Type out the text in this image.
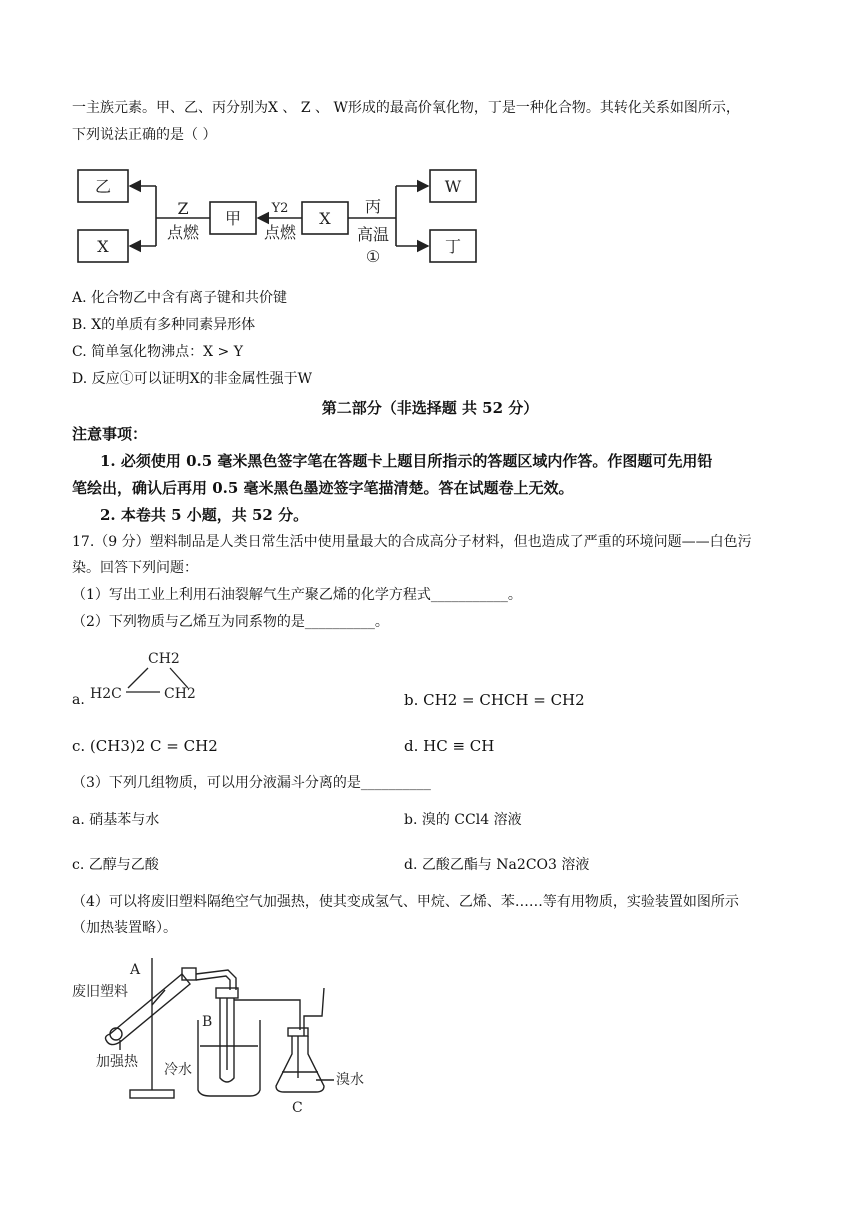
一主族元素。甲、乙、丙分别为X 、 Z 、 W形成的最高价氧化物，丁是一种化合物。其转化关系如图所示，
下列说法正确的是（ ）
乙
X
甲	X
W
丁
Z
点燃
Y2
点燃
丙
高温
①
A. 化合物乙中含有离子键和共价键
B. X的单质有多种同素异形体
C. 简单氢化物沸点：X > Y
D. 反应①可以证明X的非金属性强于W
第二部分（非选择题 共 52 分）
注意事项：
1. 必须使用 0.5 毫米黑色签字笔在答题卡上题目所指示的答题区域内作答。作图题可先用铅
笔绘出，确认后再用 0.5 毫米黑色墨迹签字笔描清楚。答在试题卷上无效。
2. 本卷共 5 小题，共 52 分。
17.（9 分）塑料制品是人类日常生活中使用量最大的合成高分子材料，但也造成了严重的环境问题——白色污
染。回答下列问题：
（1）写出工业上利用石油裂解气生产聚乙烯的化学方程式___________。
（2）下列物质与乙烯互为同系物的是__________。
a.
CH2
H2C	CH2	b. CH2 = CHCH = CH2
c. (CH3)2 C = CH2	d. HC ≡ CH
（3）下列几组物质，可以用分液漏斗分离的是__________
a. 硝基苯与水	b. 溴的 CCl4 溶液
c. 乙醇与乙酸	d. 乙酸乙酯与 Na2CO3 溶液
（4）可以将废旧塑料隔绝空气加强热，使其变成氢气、甲烷、乙烯、苯……等有用物质，实验装置如图所示
（加热装置略）。
A
废旧塑料
B
加强热 冷水
溴水
C
